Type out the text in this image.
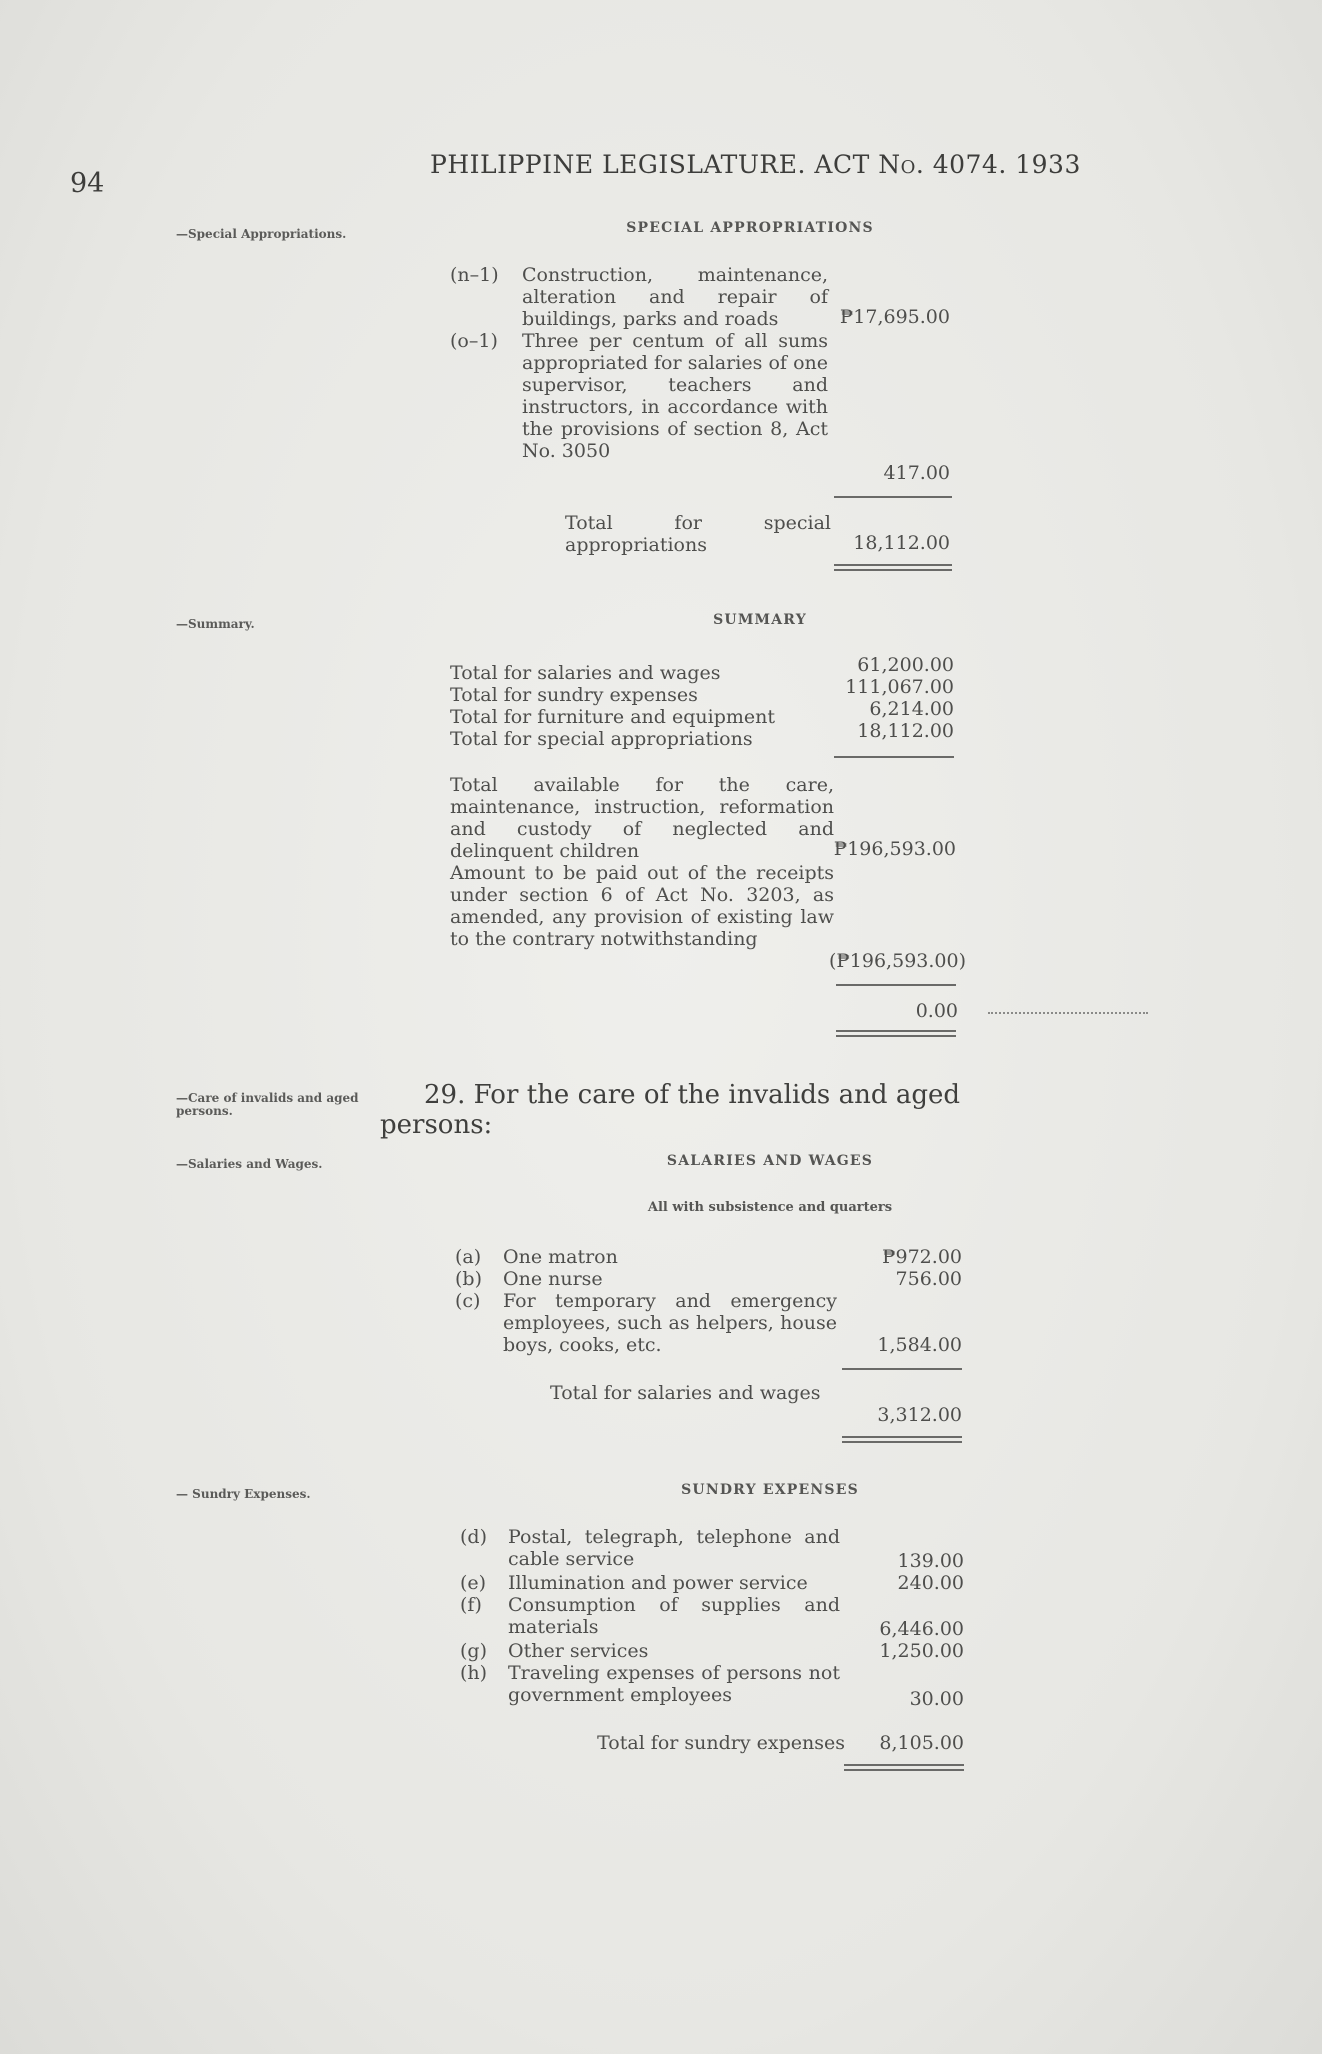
94
PHILIPPINE LEGISLATURE. ACT No. 4074. 1933
—Special Appropriations.	SPECIAL APPROPRIATIONS
(n–1) Construction, maintenance, alteration and repair of buildings, parks and roads	₱17,695.00
(o–1) Three per centum of all sums appropriated for salaries of one supervisor, teachers and instructors, in accordance with the provisions of section 8, Act No. 3050
417.00
Total for special appropriations	18,112.00
—Summary.	SUMMARY
Total for salaries and wages	61,200.00
Total for sundry expenses	111,067.00
Total for furniture and equipment	6,214.00
Total for special appropriations	18,112.00
Total available for the care, maintenance, instruction, reformation and custody of neglected and delinquent children	₱196,593.00
Amount to be paid out of the receipts under section 6 of Act No. 3203, as amended, any provision of existing law to the contrary notwithstanding
(₱196,593.00)
0.00
—Care of invalids and aged persons.
29. For the care of the invalids and aged persons:
—Salaries and Wages.	SALARIES AND WAGES
All with subsistence and quarters
(a) One matron	₱972.00
(b) One nurse	756.00
(c) For temporary and emergency employees, such as helpers, house boys, cooks, etc.	1,584.00
Total for salaries and wages
3,312.00
— Sundry Expenses.	SUNDRY EXPENSES
(d) Postal, telegraph, telephone and cable service	139.00
(e) Illumination and power service	240.00
(f) Consumption of supplies and materials	6,446.00
(g) Other services	1,250.00
(h) Traveling expenses of persons not government employees	30.00
Total for sundry expenses	8,105.00
